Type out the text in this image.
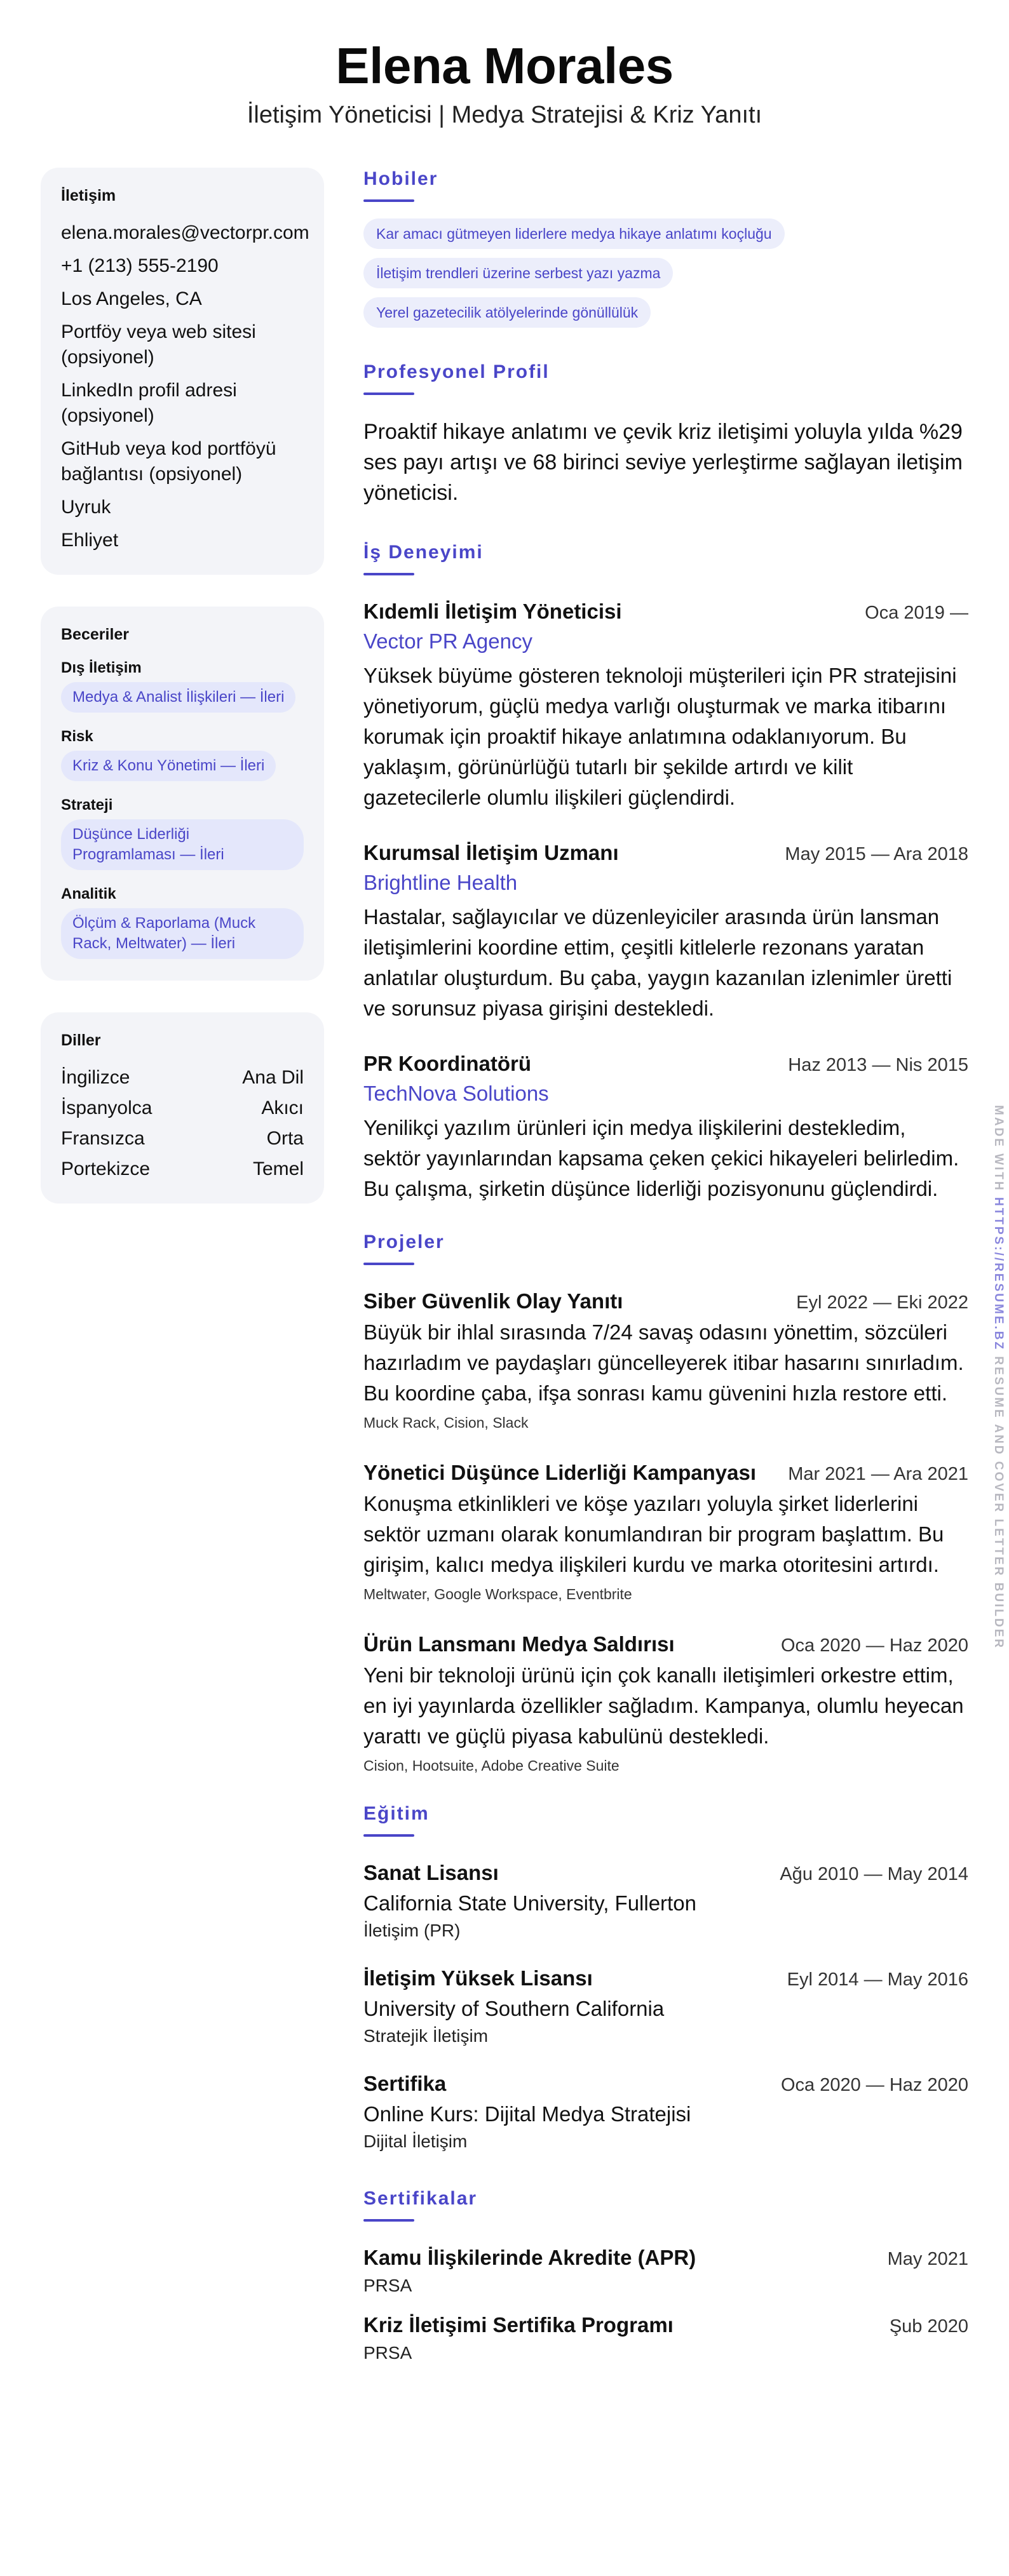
Elena Morales
İletişim Yöneticisi | Medya Stratejisi & Kriz Yanıtı
İletişim
elena.morales@vectorpr.com
+1 (213) 555-2190
Los Angeles, CA
Portföy veya web sitesi (opsiyonel)
LinkedIn profil adresi (opsiyonel)
GitHub veya kod portföyü bağlantısı (opsiyonel)
Uyruk
Ehliyet
Beceriler
Dış İletişim
Medya & Analist İlişkileri — İleri
Risk
Kriz & Konu Yönetimi — İleri
Strateji
Düşünce Liderliği Programlaması — İleri
Analitik
Ölçüm & Raporlama (Muck Rack, Meltwater) — İleri
Diller
İngilizce	Ana Dil
İspanyolca	Akıcı
Fransızca	Orta
Portekizce	Temel
Hobiler
Kar amacı gütmeyen liderlere medya hikaye anlatımı koçluğu
İletişim trendleri üzerine serbest yazı yazma
Yerel gazetecilik atölyelerinde gönüllülük
Profesyonel Profil
Proaktif hikaye anlatımı ve çevik kriz iletişimi yoluyla yılda %29 ses payı artışı ve 68 birinci seviye yerleştirme sağlayan iletişim yöneticisi.
İş Deneyimi
Kıdemli İletişim Yöneticisi	Oca 2019 —
Vector PR Agency
Yüksek büyüme gösteren teknoloji müşterileri için PR stratejisini yönetiyorum, güçlü medya varlığı oluşturmak ve marka itibarını korumak için proaktif hikaye anlatımına odaklanıyorum. Bu yaklaşım, görünürlüğü tutarlı bir şekilde artırdı ve kilit gazetecilerle olumlu ilişkileri güçlendirdi.
Kurumsal İletişim Uzmanı	May 2015 — Ara 2018
Brightline Health
Hastalar, sağlayıcılar ve düzenleyiciler arasında ürün lansman iletişimlerini koordine ettim, çeşitli kitlelerle rezonans yaratan anlatılar oluşturdum. Bu çaba, yaygın kazanılan izlenimler üretti ve sorunsuz piyasa girişini destekledi.
PR Koordinatörü	Haz 2013 — Nis 2015
TechNova Solutions
Yenilikçi yazılım ürünleri için medya ilişkilerini destekledim, sektör yayınlarından kapsama çeken çekici hikayeleri belirledim. Bu çalışma, şirketin düşünce liderliği pozisyonunu güçlendirdi.
Projeler
Siber Güvenlik Olay Yanıtı	Eyl 2022 — Eki 2022
Büyük bir ihlal sırasında 7/24 savaş odasını yönettim, sözcüleri hazırladım ve paydaşları güncelleyerek itibar hasarını sınırladım. Bu koordine çaba, ifşa sonrası kamu güvenini hızla restore etti.
Muck Rack, Cision, Slack
Yönetici Düşünce Liderliği Kampanyası Mar 2021 — Ara 2021
Konuşma etkinlikleri ve köşe yazıları yoluyla şirket liderlerini sektör uzmanı olarak konumlandıran bir program başlattım. Bu girişim, kalıcı medya ilişkileri kurdu ve marka otoritesini artırdı.
Meltwater, Google Workspace, Eventbrite
Ürün Lansmanı Medya Saldırısı	Oca 2020 — Haz 2020
Yeni bir teknoloji ürünü için çok kanallı iletişimleri orkestre ettim, en iyi yayınlarda özellikler sağladım. Kampanya, olumlu heyecan yarattı ve güçlü piyasa kabulünü destekledi.
Cision, Hootsuite, Adobe Creative Suite
Eğitim
Sanat Lisansı	Ağu 2010 — May 2014
California State University, Fullerton
İletişim (PR)
İletişim Yüksek Lisansı	Eyl 2014 — May 2016
University of Southern California
Stratejik İletişim
Sertifika	Oca 2020 — Haz 2020
Online Kurs: Dijital Medya Stratejisi
Dijital İletişim
Sertifikalar
Kamu İlişkilerinde Akredite (APR)	May 2021
PRSA
Kriz İletişimi Sertifika Programı	Şub 2020
PRSA
MADE WITH HTTPS://RESUME.BZ RESUME AND COVER LETTER BUILDER
